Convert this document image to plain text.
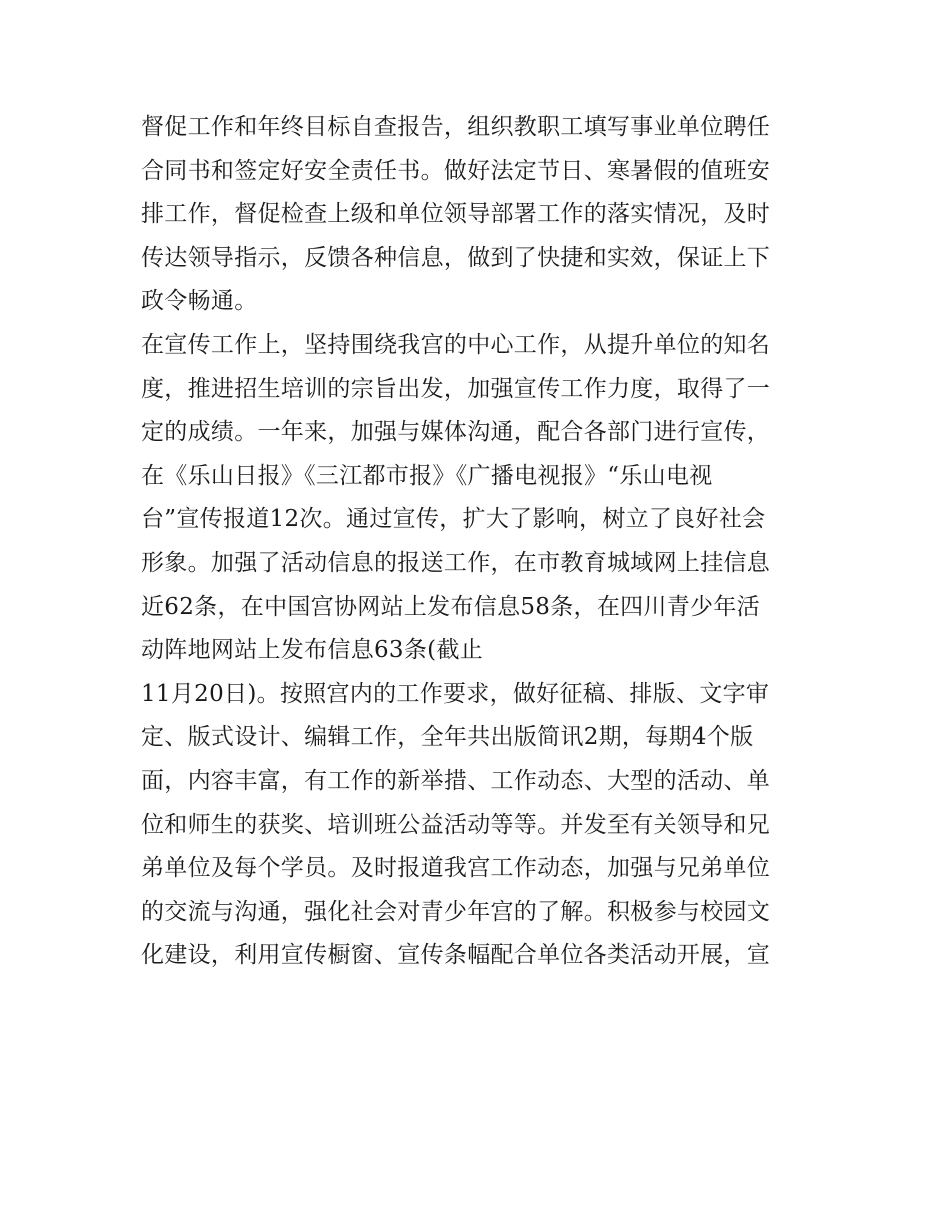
督促工作和年终目标自查报告，组织教职工填写事业单位聘任
合同书和签定好安全责任书。做好法定节日、寒暑假的值班安
排工作，督促检查上级和单位领导部署工作的落实情况，及时
传达领导指示，反馈各种信息，做到了快捷和实效，保证上下
政令畅通。
在宣传工作上，坚持围绕我宫的中心工作，从提升单位的知名
度，推进招生培训的宗旨出发，加强宣传工作力度，取得了一
定的成绩。一年来，加强与媒体沟通，配合各部门进行宣传，
在《乐山日报》《三江都市报》《广播电视报》“乐山电视
台”宣传报道12次。通过宣传，扩大了影响，树立了良好社会
形象。加强了活动信息的报送工作，在市教育城域网上挂信息
近62条，在中国宫协网站上发布信息58条，在四川青少年活
动阵地网站上发布信息63条(截止
11月20日)。按照宫内的工作要求，做好征稿、排版、文字审
定、版式设计、编辑工作，全年共出版简讯2期，每期4个版
面，内容丰富，有工作的新举措、工作动态、大型的活动、单
位和师生的获奖、培训班公益活动等等。并发至有关领导和兄
弟单位及每个学员。及时报道我宫工作动态，加强与兄弟单位
的交流与沟通，强化社会对青少年宫的了解。积极参与校园文
化建设，利用宣传橱窗、宣传条幅配合单位各类活动开展，宣
